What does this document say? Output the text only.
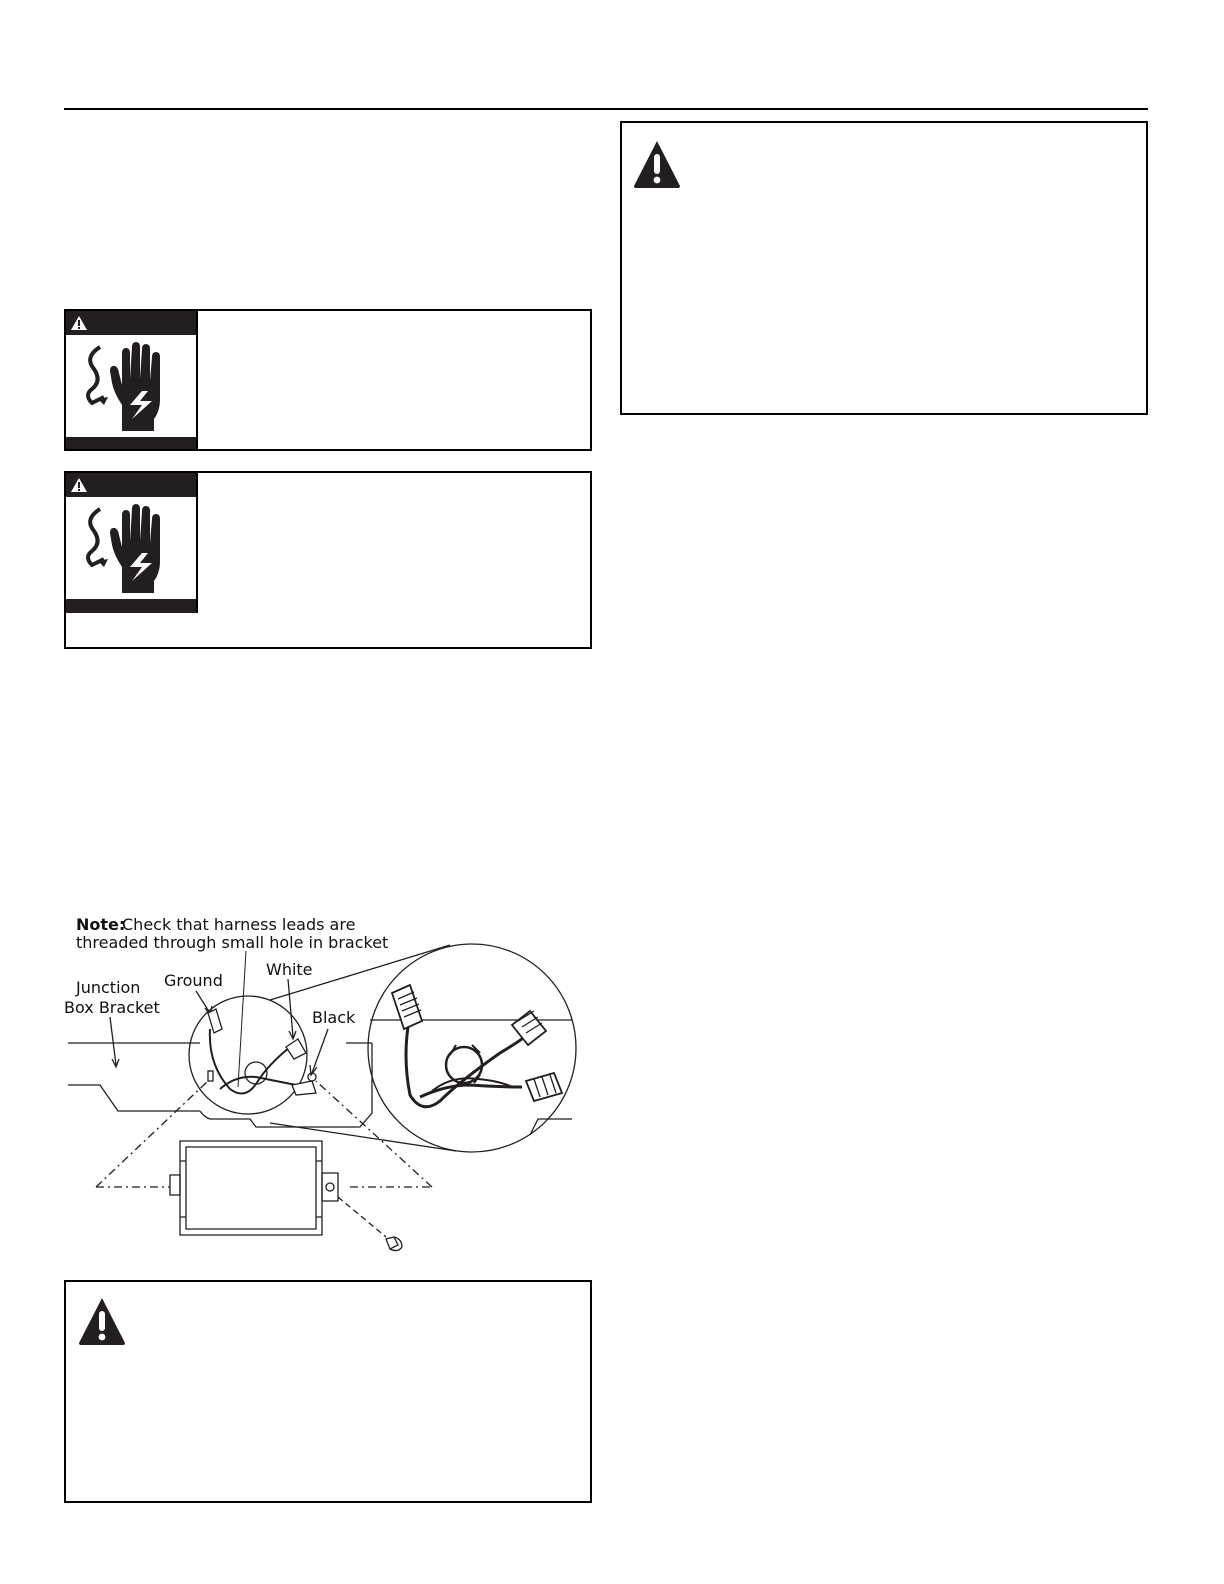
Note:
Check that harness leads are
threaded through small hole in bracket
Junction
Box Bracket
Ground
White
Black
